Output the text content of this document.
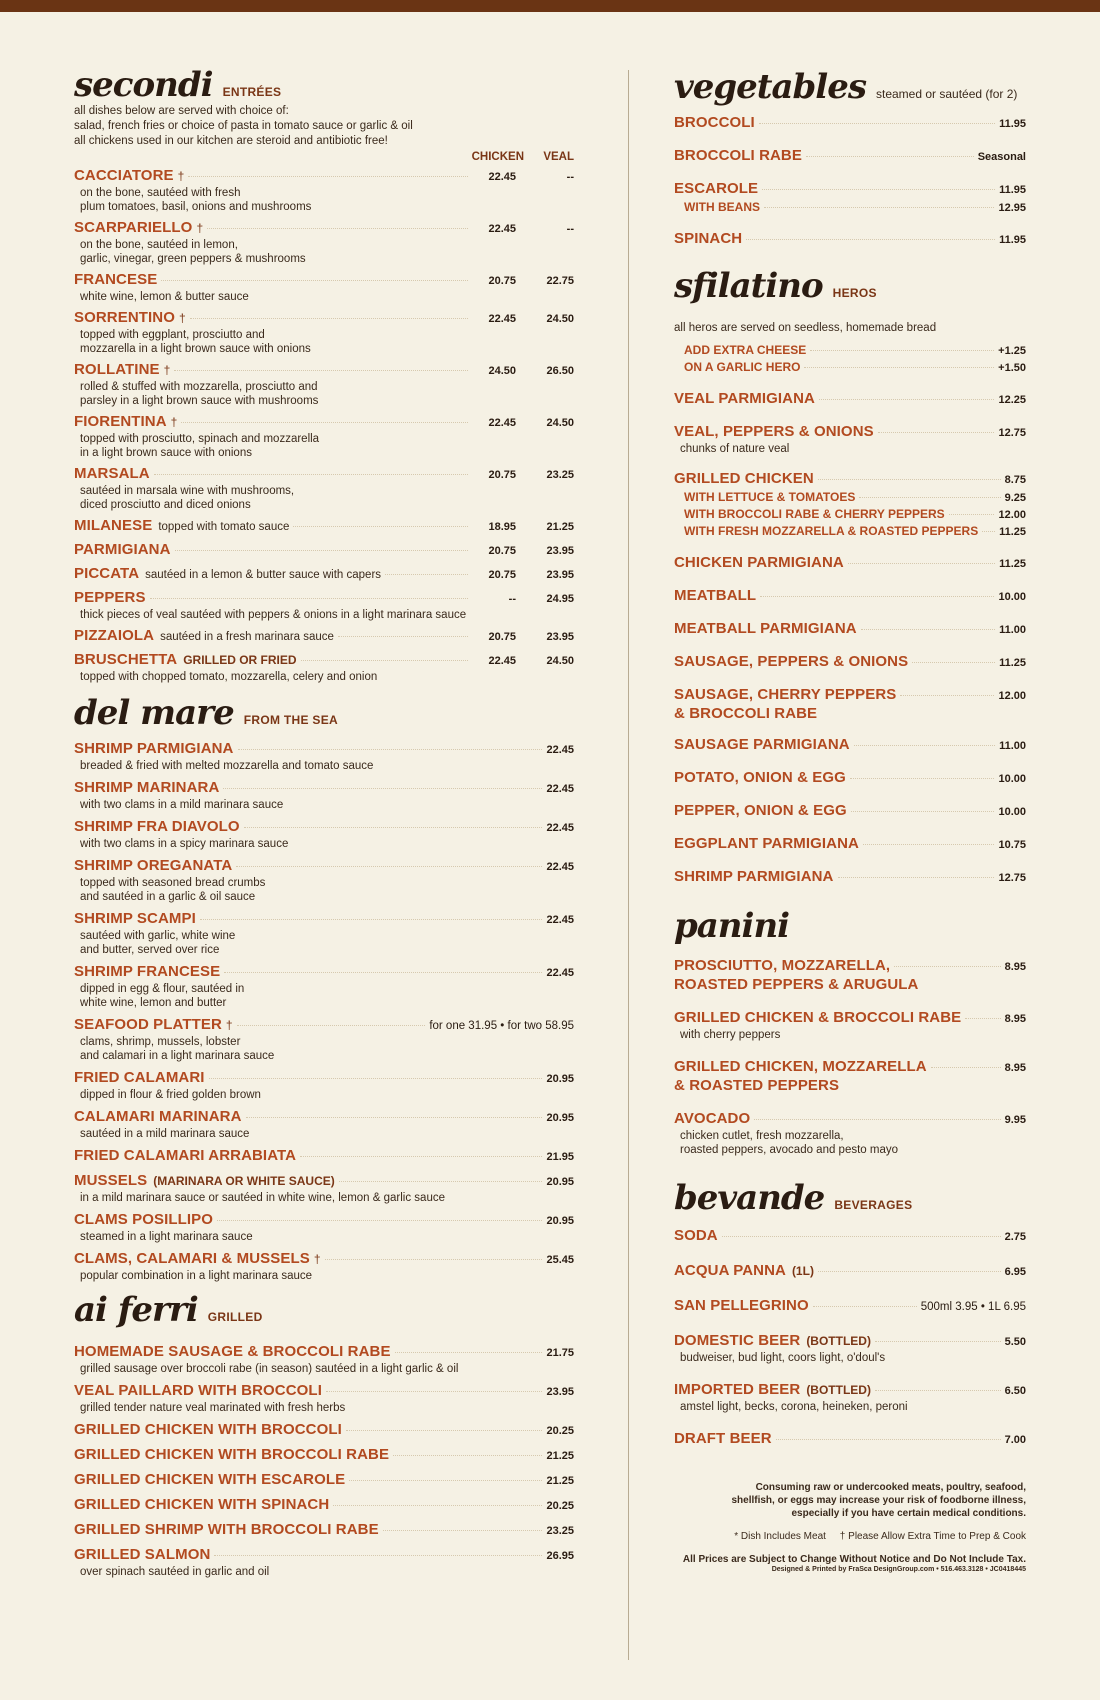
secondi ENTRÉES
all dishes below are served with choice of:
salad, french fries or choice of pasta in tomato sauce or garlic & oil
all chickens used in our kitchen are steroid and antibiotic free!
CHICKEN	VEAL
CACCIATORE †	22.45	--
on the bone, sautéed with fresh
plum tomatoes, basil, onions and mushrooms
SCARPARIELLO †	22.45	--
on the bone, sautéed in lemon,
garlic, vinegar, green peppers & mushrooms
FRANCESE	20.75	22.75
white wine, lemon & butter sauce
SORRENTINO †	22.45	24.50
topped with eggplant, prosciutto and
mozzarella in a light brown sauce with onions
ROLLATINE †	24.50	26.50
rolled & stuffed with mozzarella, prosciutto and
parsley in a light brown sauce with mushrooms
FIORENTINA †	22.45	24.50
topped with prosciutto, spinach and mozzarella
in a light brown sauce with onions
MARSALA	20.75	23.25
sautéed in marsala wine with mushrooms,
diced prosciutto and diced onions
MILANESE topped with tomato sauce	18.95	21.25
PARMIGIANA	20.75	23.95
PICCATA sautéed in a lemon & butter sauce with capers	20.75	23.95
PEPPERS	--	24.95
thick pieces of veal sautéed with peppers & onions in a light marinara sauce
PIZZAIOLA sautéed in a fresh marinara sauce	20.75	23.95
BRUSCHETTA GRILLED OR FRIED	22.45	24.50
topped with chopped tomato, mozzarella, celery and onion
del mare FROM THE SEA
SHRIMP PARMIGIANA	22.45
breaded & fried with melted mozzarella and tomato sauce
SHRIMP MARINARA	22.45
with two clams in a mild marinara sauce
SHRIMP FRA DIAVOLO	22.45
with two clams in a spicy marinara sauce
SHRIMP OREGANATA	22.45
topped with seasoned bread crumbs
and sautéed in a garlic & oil sauce
SHRIMP SCAMPI	22.45
sautéed with garlic, white wine
and butter, served over rice
SHRIMP FRANCESE	22.45
dipped in egg & flour, sautéed in
white wine, lemon and butter
SEAFOOD PLATTER †	for one 31.95 • for two 58.95
clams, shrimp, mussels, lobster
and calamari in a light marinara sauce
FRIED CALAMARI	20.95
dipped in flour & fried golden brown
CALAMARI MARINARA	20.95
sautéed in a mild marinara sauce
FRIED CALAMARI ARRABIATA	21.95
MUSSELS (MARINARA OR WHITE SAUCE)	20.95
in a mild marinara sauce or sautéed in white wine, lemon & garlic sauce
CLAMS POSILLIPO	20.95
steamed in a light marinara sauce
CLAMS, CALAMARI & MUSSELS †	25.45
popular combination in a light marinara sauce
ai ferri GRILLED
HOMEMADE SAUSAGE & BROCCOLI RABE	21.75
grilled sausage over broccoli rabe (in season) sautéed in a light garlic & oil
VEAL PAILLARD WITH BROCCOLI	23.95
grilled tender nature veal marinated with fresh herbs
GRILLED CHICKEN WITH BROCCOLI	20.25
GRILLED CHICKEN WITH BROCCOLI RABE	21.25
GRILLED CHICKEN WITH ESCAROLE	21.25
GRILLED CHICKEN WITH SPINACH	20.25
GRILLED SHRIMP WITH BROCCOLI RABE	23.25
GRILLED SALMON	26.95
over spinach sautéed in garlic and oil
vegetables steamed or sautéed (for 2)
BROCCOLI	11.95
BROCCOLI RABE	Seasonal
ESCAROLE	11.95
WITH BEANS	12.95
SPINACH	11.95
sfilatino HEROS
all heros are served on seedless, homemade bread
ADD EXTRA CHEESE	+1.25
ON A GARLIC HERO	+1.50
VEAL PARMIGIANA	12.25
VEAL, PEPPERS & ONIONS	12.75
chunks of nature veal
GRILLED CHICKEN	8.75
WITH LETTUCE & TOMATOES	9.25
WITH BROCCOLI RABE & CHERRY PEPPERS	12.00
WITH FRESH MOZZARELLA & ROASTED PEPPERS 11.25
CHICKEN PARMIGIANA	11.25
MEATBALL	10.00
MEATBALL PARMIGIANA	11.00
SAUSAGE, PEPPERS & ONIONS	11.25
SAUSAGE, CHERRY PEPPERS	12.00
& BROCCOLI RABE
SAUSAGE PARMIGIANA	11.00
POTATO, ONION & EGG	10.00
PEPPER, ONION & EGG	10.00
EGGPLANT PARMIGIANA	10.75
SHRIMP PARMIGIANA	12.75
panini
PROSCIUTTO, MOZZARELLA,	8.95
ROASTED PEPPERS & ARUGULA
GRILLED CHICKEN & BROCCOLI RABE	8.95
with cherry peppers
GRILLED CHICKEN, MOZZARELLA	8.95
& ROASTED PEPPERS
AVOCADO	9.95
chicken cutlet, fresh mozzarella,
roasted peppers, avocado and pesto mayo
bevande BEVERAGES
SODA	2.75
ACQUA PANNA (1L)	6.95
SAN PELLEGRINO	500ml 3.95 • 1L 6.95
DOMESTIC BEER (BOTTLED)	5.50
budweiser, bud light, coors light, o'doul's
IMPORTED BEER (BOTTLED)	6.50
amstel light, becks, corona, heineken, peroni
DRAFT BEER	7.00
Consuming raw or undercooked meats, poultry, seafood,
shellfish, or eggs may increase your risk of foodborne illness,
especially if you have certain medical conditions.
* Dish Includes Meat     † Please Allow Extra Time to Prep & Cook
All Prices are Subject to Change Without Notice and Do Not Include Tax.
Designed & Printed by FraSca DesignGroup.com • 516.463.3128 • JC0418445
